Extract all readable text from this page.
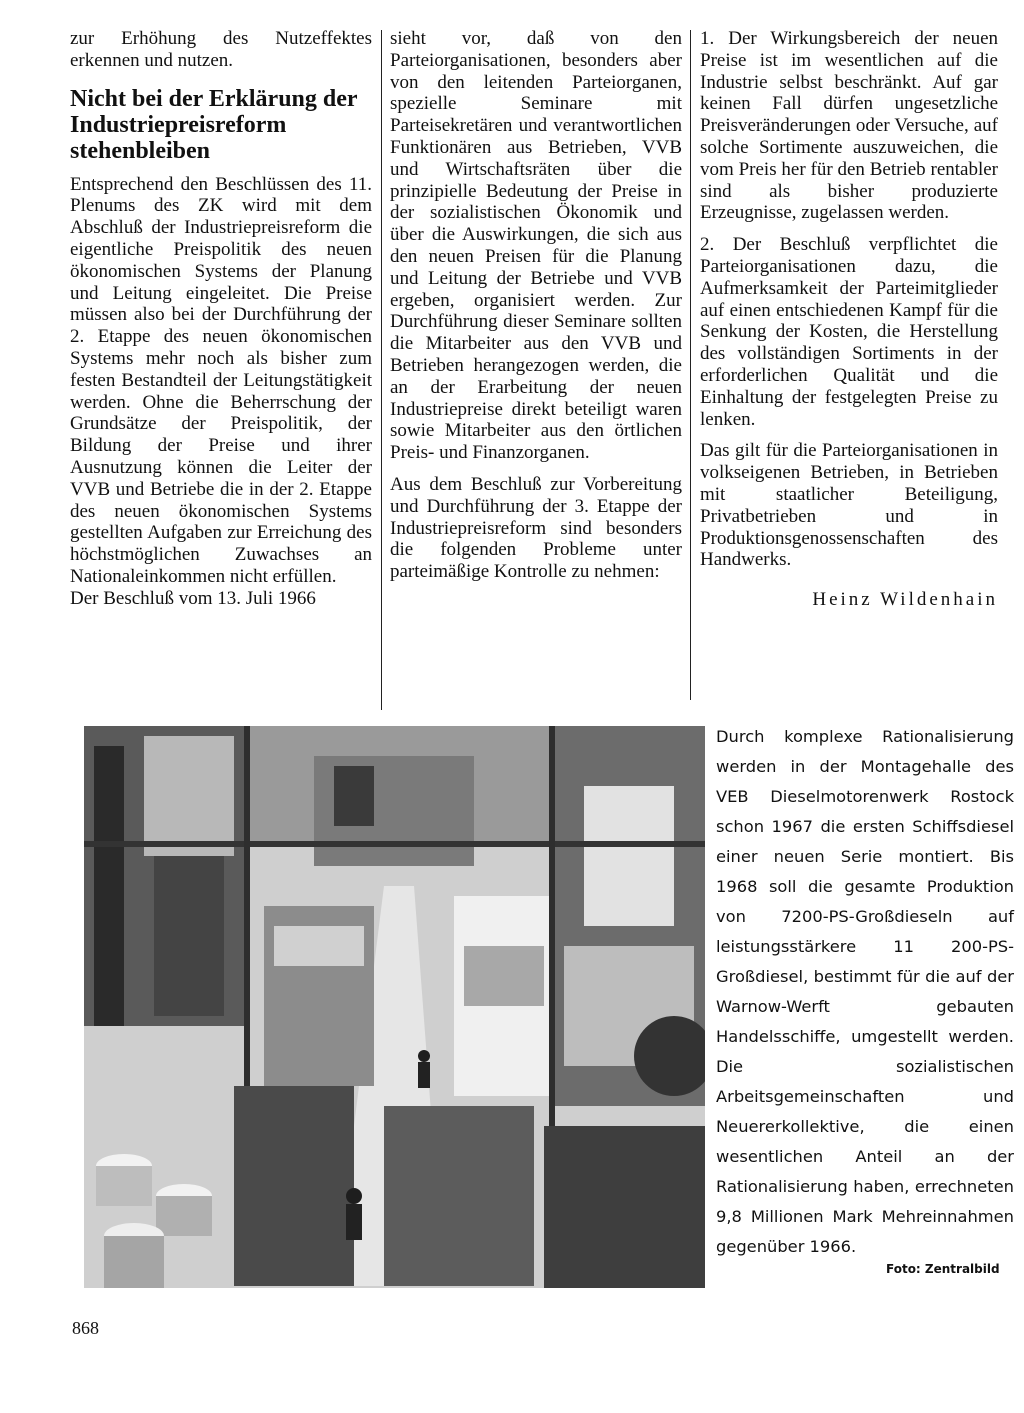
zur Erhöhung des Nutzeffektes erkennen und nutzen.

Nicht bei der Erklärung der Industriepreisreform stehenbleiben

Entsprechend den Beschlüssen des 11. Plenums des ZK wird mit dem Abschluß der Industriepreisreform die eigentliche Preispolitik des neuen ökonomischen Systems der Planung und Leitung eingeleitet. Die Preise müssen also bei der Durchführung der 2. Etappe des neuen ökonomischen Systems mehr noch als bisher zum festen Bestandteil der Leitungstätigkeit werden. Ohne die Beherrschung der Grundsätze der Preispolitik, der Bildung der Preise und ihrer Ausnutzung können die Leiter der VVB und Betriebe die in der 2. Etappe des neuen ökonomischen Systems gestellten Aufgaben zur Erreichung des höchstmöglichen Zuwachses an Nationaleinkommen nicht erfüllen.

Der Beschluß vom 13. Juli 1966

sieht vor, daß von den Parteiorganisationen, besonders aber von den leitenden Parteiorganen, spezielle Seminare mit Parteisekretären und verantwortlichen Funktionären aus Betrieben, VVB und Wirtschaftsräten über die prinzipielle Bedeutung der Preise in der sozialistischen Ökonomik und über die Auswirkungen, die sich aus den neuen Preisen für die Planung und Leitung der Betriebe und VVB ergeben, organisiert werden. Zur Durchführung dieser Seminare sollten die Mitarbeiter aus den VVB und Betrieben herangezogen werden, die an der Erarbeitung der neuen Industriepreise direkt beteiligt waren sowie Mitarbeiter aus den örtlichen Preis- und Finanzorganen.

Aus dem Beschluß zur Vorbereitung und Durchführung der 3. Etappe der Industriepreisreform sind besonders die folgenden Probleme unter parteimäßige Kontrolle zu nehmen:

1. Der Wirkungsbereich der neuen Preise ist im wesentlichen auf die Industrie selbst beschränkt. Auf gar keinen Fall dürfen ungesetzliche Preisveränderungen oder Versuche, auf solche Sortimente auszuweichen, die vom Preis her für den Betrieb rentabler sind als bisher produzierte Erzeugnisse, zugelassen werden.

2. Der Beschluß verpflichtet die Parteiorganisationen dazu, die Aufmerksamkeit der Parteimitglieder auf einen entschiedenen Kampf für die Senkung der Kosten, die Herstellung des vollständigen Sortiments in der erforderlichen Qualität und die Einhaltung der festgelegten Preise zu lenken.

Das gilt für die Parteiorganisationen in volkseigenen Betrieben, in Betrieben mit staatlicher Beteiligung, Privatbetrieben und in Produktionsgenossenschaften des Handwerks.

Heinz Wildenhain

Durch komplexe Rationalisierung werden in der Montagehalle des VEB Dieselmotorenwerk Rostock schon 1967 die ersten Schiffsdiesel einer neuen Serie montiert. Bis 1968 soll die gesamte Produktion von 7200-PS-Großdieseln auf leistungsstärkere 11 200-PS-Großdiesel, bestimmt für die auf der Warnow-Werft gebauten Handelsschiffe, umgestellt werden. Die sozialistischen Arbeitsgemeinschaften und Neuererkollektive, die einen wesentlichen Anteil an der Rationalisierung haben, errechneten 9,8 Millionen Mark Mehreinnahmen gegenüber 1966.
Foto: Zentralbild
868
